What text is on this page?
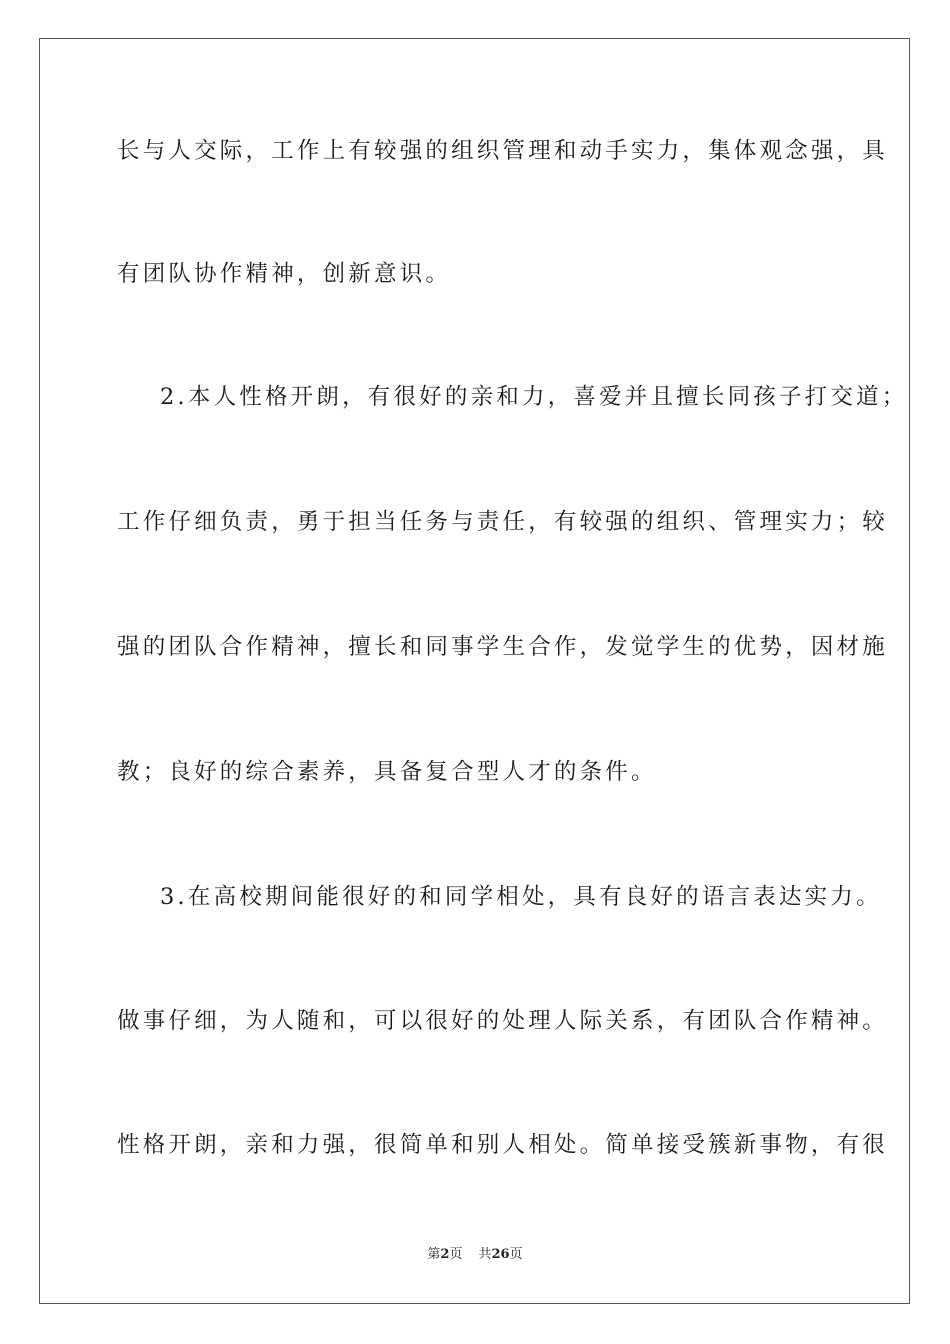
长与人交际，工作上有较强的组织管理和动手实力，集体观念强，具
有团队协作精神，创新意识。
2.本人性格开朗，有很好的亲和力，喜爱并且擅长同孩子打交道；
工作仔细负责，勇于担当任务与责任，有较强的组织、管理实力；较
强的团队合作精神，擅长和同事学生合作，发觉学生的优势，因材施
教；良好的综合素养，具备复合型人才的条件。
3.在高校期间能很好的和同学相处，具有良好的语言表达实力。
做事仔细，为人随和，可以很好的处理人际关系，有团队合作精神。
性格开朗，亲和力强，很简单和别人相处。简单接受簇新事物，有很
第2页 共26页
